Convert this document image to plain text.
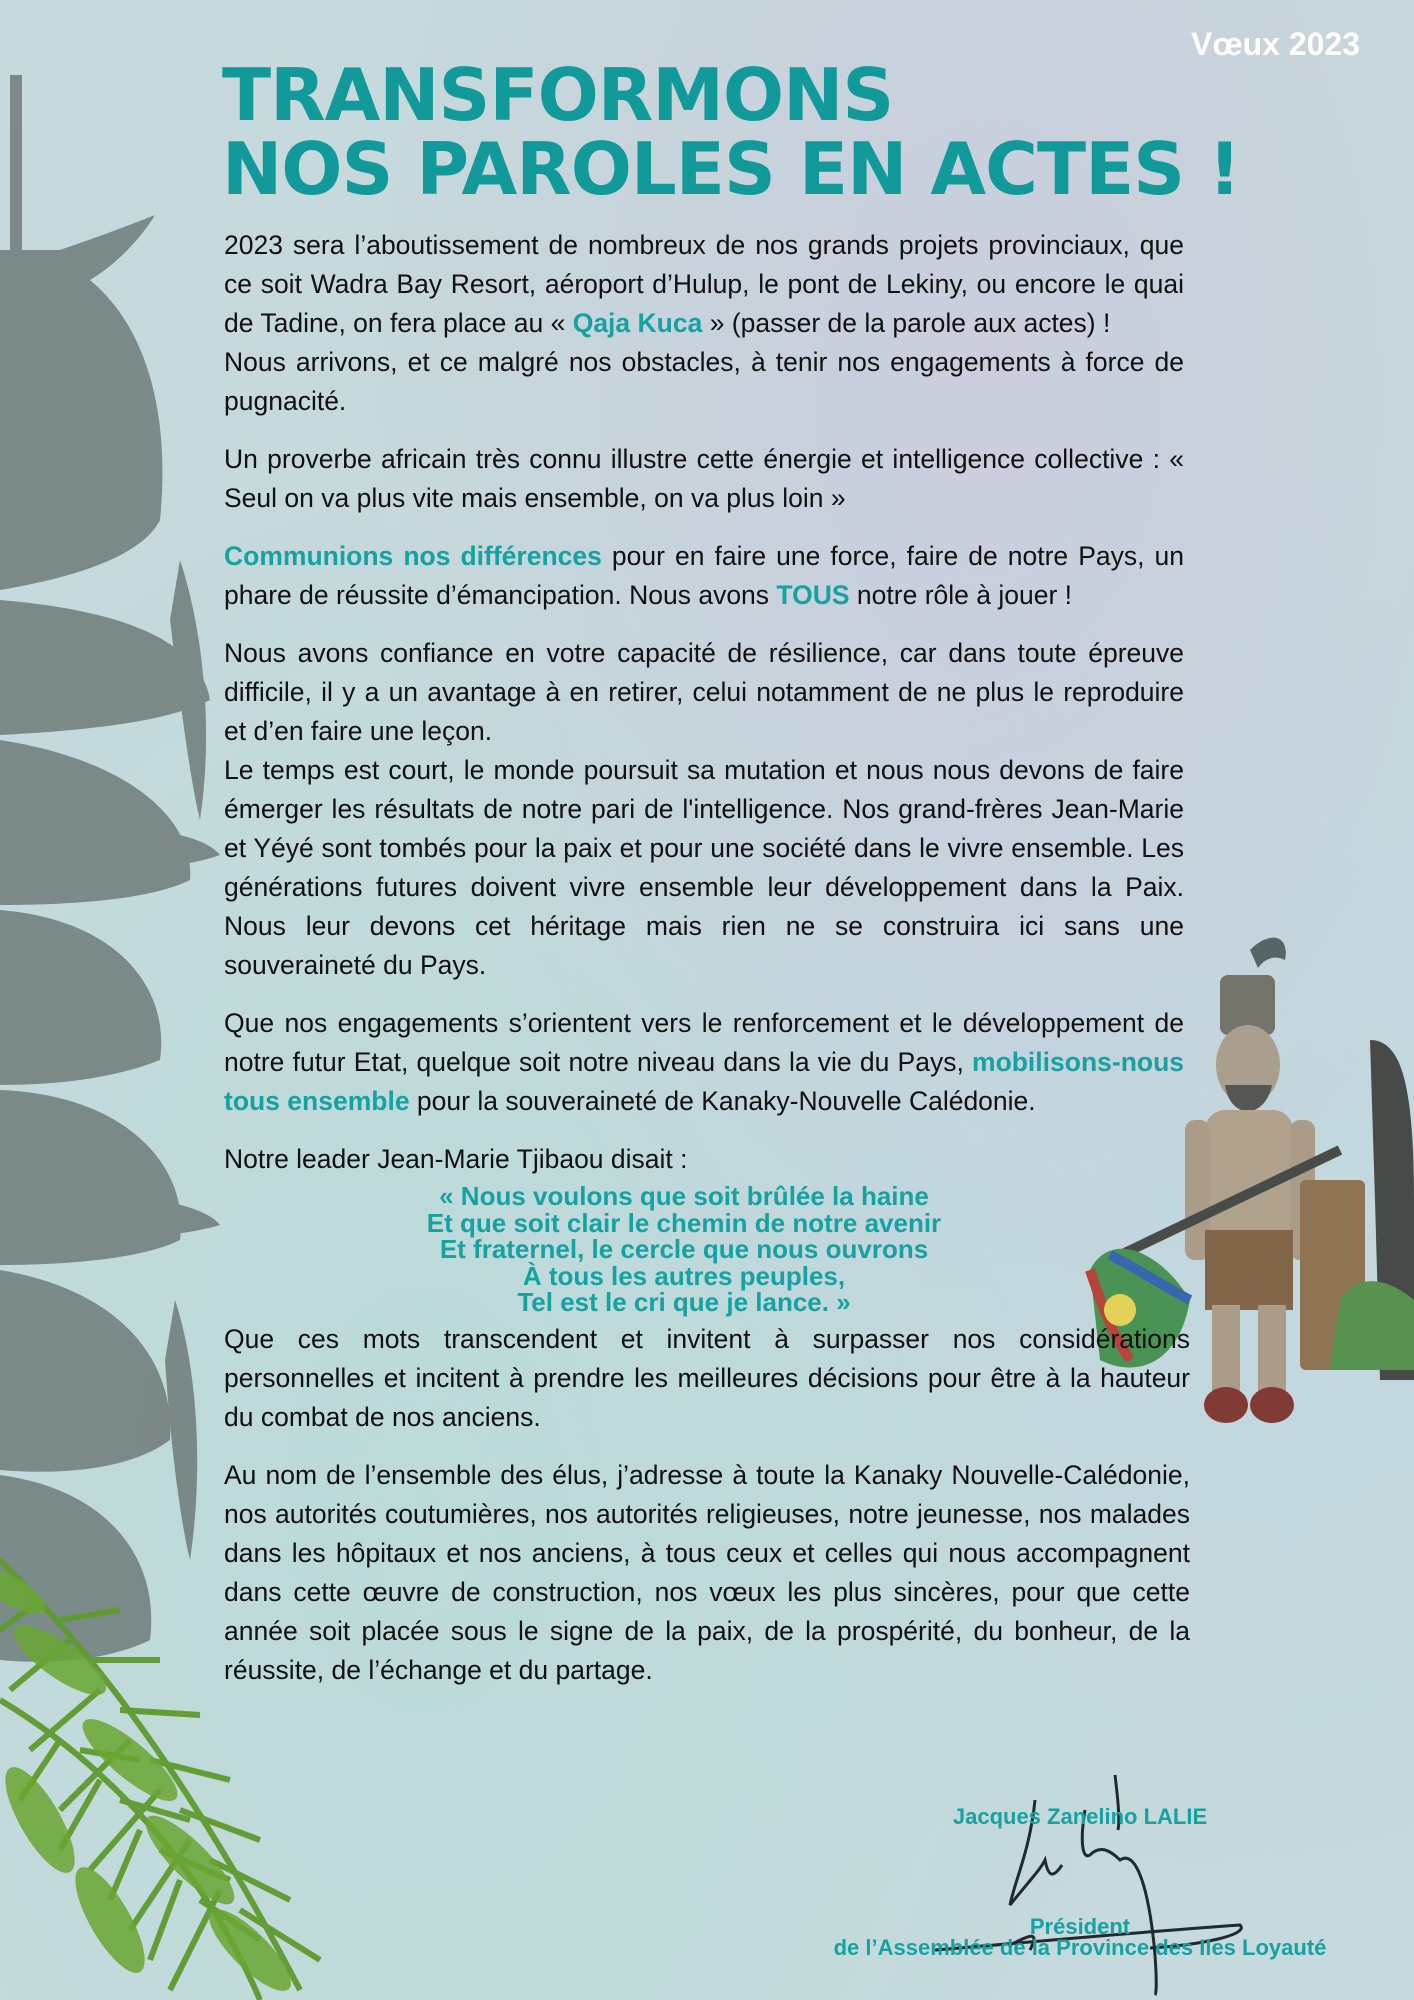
Vœux 2023
TRANSFORMONS
NOS PAROLES EN ACTES !

2023 sera l’aboutissement de nombreux de nos grands projets provinciaux, que ce soit Wadra Bay Resort, aéroport d’Hulup, le pont de Lekiny, ou encore le quai de Tadine, on fera place au « Qaja Kuca » (passer de la parole aux actes) !

Nous arrivons, et ce malgré nos obstacles, à tenir nos engagements à force de pugnacité.

Un proverbe africain très connu illustre cette énergie et intelligence collective : « Seul on va plus vite mais ensemble, on va plus loin »

Communions nos différences pour en faire une force, faire de notre Pays, un phare de réussite d’émancipation. Nous avons TOUS notre rôle à jouer !

Nous avons confiance en votre capacité de résilience, car dans toute épreuve difficile, il y a un avantage à en retirer, celui notamment de ne plus le reproduire et d’en faire une leçon.

Le temps est court, le monde poursuit sa mutation et nous nous devons de faire émerger les résultats de notre pari de l'intelligence. Nos grand-frères Jean-Marie et Yéyé sont tombés pour la paix et pour une société dans le vivre ensemble. Les générations futures doivent vivre ensemble leur développement dans la Paix. Nous leur devons cet héritage mais rien ne se construira ici sans une souveraineté du Pays.

Que nos engagements s’orientent vers le renforcement et le développement de notre futur Etat, quelque soit notre niveau dans la vie du Pays, mobilisons-nous tous ensemble pour la souveraineté de Kanaky-Nouvelle Calédonie.

Notre leader Jean-Marie Tjibaou disait :

« Nous voulons que soit brûlée la haine
Et que soit clair le chemin de notre avenir
Et fraternel, le cercle que nous ouvrons
À tous les autres peuples,
Tel est le cri que je lance. »

Que ces mots transcendent et invitent à surpasser nos considérations personnelles et incitent à prendre les meilleures décisions pour être à la hauteur du combat de nos anciens.

Au nom de l’ensemble des élus, j’adresse à toute la Kanaky Nouvelle-Calédonie, nos autorités coutumières, nos autorités religieuses, notre jeunesse, nos malades dans les hôpitaux et nos anciens, à tous ceux et celles qui nous accompagnent dans cette œuvre de construction, nos vœux les plus sincères, pour que cette année soit placée sous le signe de la paix, de la prospérité, du bonheur, de la réussite, de l’échange et du partage.

Jacques Zanelino LALIE
Président
de l’Assemblée de la Province des Iles Loyauté
